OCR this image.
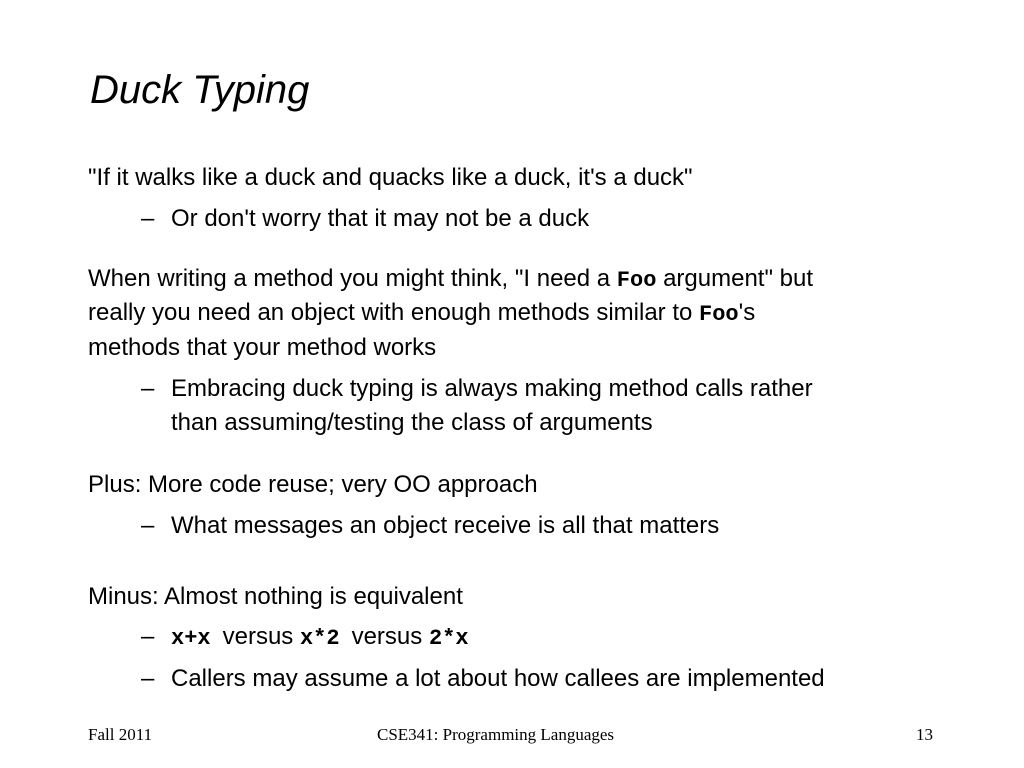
Duck Typing
"If it walks like a duck and quacks like a duck, it's a duck"
– Or don't worry that it may not be a duck
When writing a method you might think, "I need a Foo argument" but
really you need an object with enough methods similar to Foo's
methods that your method works
– Embracing duck typing is always making method calls rather
than assuming/testing the class of arguments
Plus: More code reuse; very OO approach
– What messages an object receive is all that matters
Minus: Almost nothing is equivalent
– x+x versus x*2 versus 2*x
– Callers may assume a lot about how callees are implemented
Fall 2011	CSE341: Programming Languages	13
